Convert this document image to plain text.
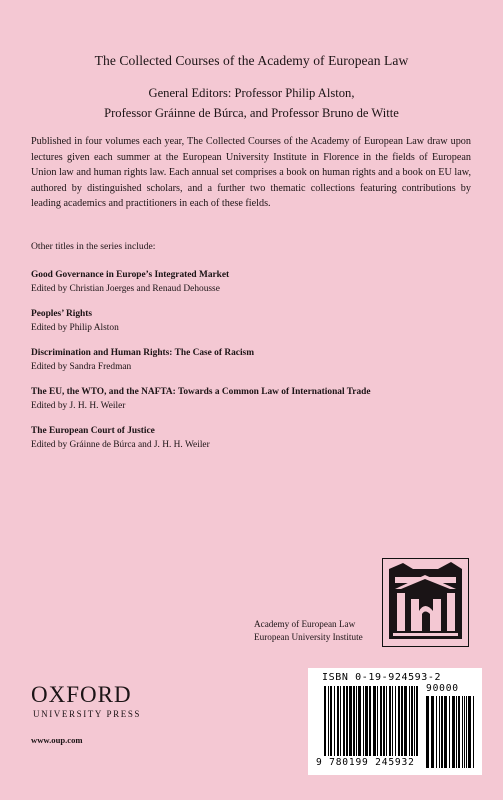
The Collected Courses of the Academy of European Law
General Editors: Professor Philip Alston,
Professor Gráinne de Búrca, and Professor Bruno de Witte
Published in four volumes each year, The Collected Courses of the Academy of European Law draw upon lectures given each summer at the European University Institute in Florence in the fields of European Union law and human rights law. Each annual set comprises a book on human rights and a book on EU law, authored by distinguished scholars, and a further two thematic collections featuring contributions by leading academics and practitioners in each of these fields.
Other titles in the series include:
Good Governance in Europe’s Integrated Market
Edited by Christian Joerges and Renaud Dehousse
Peoples’ Rights
Edited by Philip Alston
Discrimination and Human Rights: The Case of Racism
Edited by Sandra Fredman
The EU, the WTO, and the NAFTA: Towards a Common Law of International Trade
Edited by J. H. H. Weiler
The European Court of Justice
Edited by Gráinne de Búrca and J. H. H. Weiler
Academy of European Law
European University Institute
OXFORD
UNIVERSITY PRESS
www.oup.com
ISBN 0-19-924593-2
90000
9 780199 245932
